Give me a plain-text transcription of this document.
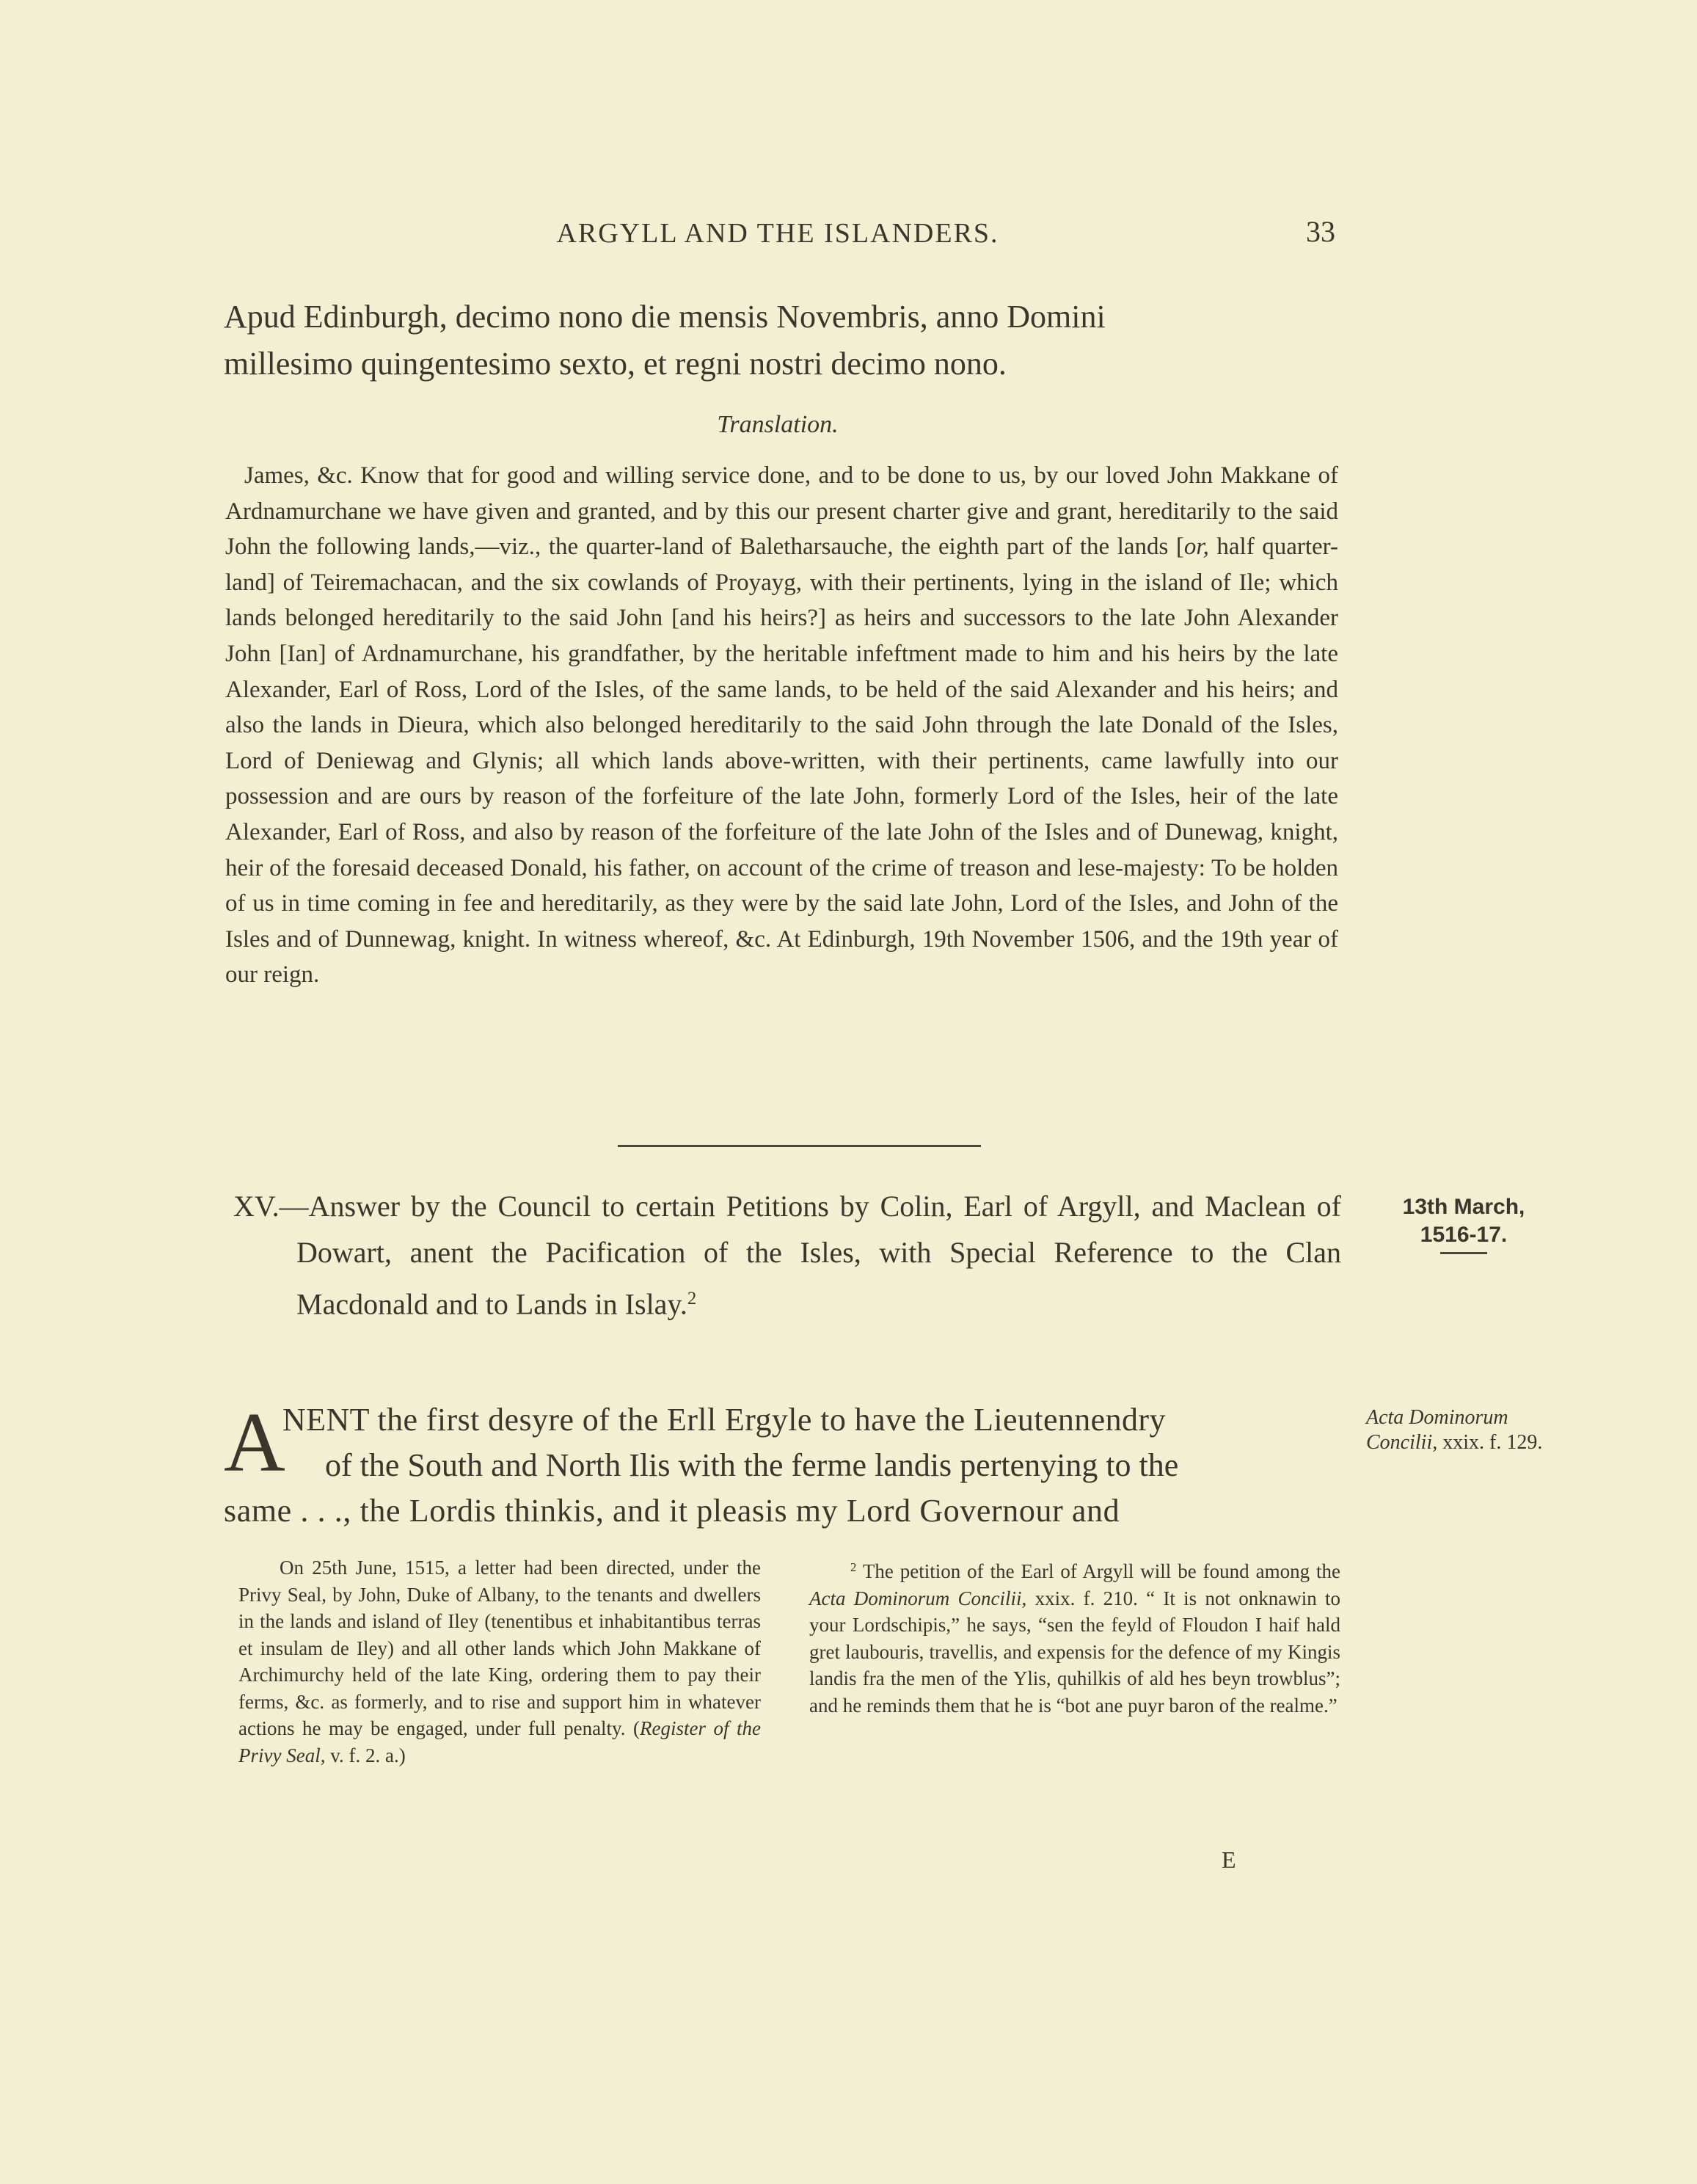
ARGYLL AND THE ISLANDERS.	33
Apud Edinburgh, decimo nono die mensis Novembris, anno Domini
millesimo quingentesimo sexto, et regni nostri decimo nono.
Translation.

James, &c. Know that for good and willing service done, and to be done to us, by our loved John Makkane of Ardnamurchane we have given and granted, and by this our present charter give and grant, hereditarily to the said John the following lands,—viz., the quarter-land of Baletharsauche, the eighth part of the lands [or, half quarter-land] of Teiremachacan, and the six cowlands of Proyayg, with their pertinents, lying in the island of Ile; which lands belonged hereditarily to the said John [and his heirs?] as heirs and successors to the late John Alexander John [Ian] of Ardnamurchane, his grandfather, by the heritable infeftment made to him and his heirs by the late Alexander, Earl of Ross, Lord of the Isles, of the same lands, to be held of the said Alexander and his heirs; and also the lands in Dieura, which also belonged hereditarily to the said John through the late Donald of the Isles, Lord of Deniewag and Glynis; all which lands above-written, with their pertinents, came lawfully into our possession and are ours by reason of the forfeiture of the late John, formerly Lord of the Isles, heir of the late Alexander, Earl of Ross, and also by reason of the forfeiture of the late John of the Isles and of Dunewag, knight, heir of the foresaid deceased Donald, his father, on account of the crime of treason and lese-majesty: To be holden of us in time coming in fee and hereditarily, as they were by the said late John, Lord of the Isles, and John of the Isles and of Dunnewag, knight. In witness whereof, &c. At Edinburgh, 19th November 1506, and the 19th year of our reign.

XV.—Answer by the Council to certain Petitions by Colin, Earl of Argyll, and Maclean of Dowart, anent the Pacification of the Isles, with Special Reference to the Clan Macdonald and to Lands in Islay.$^2$
13th March,
1516-17.
Acta Dominorum
Concilii, xxix. f. 129.
A
NENT the first desyre of the Erll Ergyle to have the Lieutennendry
of the South and North Ilis with the ferme landis pertenying to the
same . . ., the Lordis thinkis, and it pleasis my Lord Governour and

On 25th June, 1515, a letter had been directed, under the Privy Seal, by John, Duke of Albany, to the tenants and dwellers in the lands and island of Iley (tenentibus et inhabitantibus terras et insulam de Iley) and all other lands which John Makkane of Archimurchy held of the late King, ordering them to pay their ferms, &c. as formerly, and to rise and support him in whatever actions he may be engaged, under full penalty. (Register of the Privy Seal, v. f. 2. a.)

$^2$ The petition of the Earl of Argyll will be found among the Acta Dominorum Concilii, xxix. f. 210. “ It is not onknawin to your Lordschipis,” he says, “sen the feyld of Floudon I haif hald gret laubouris, travellis, and expensis for the defence of my Kingis landis fra the men of the Ylis, quhilkis of ald hes beyn trowblus”; and he reminds them that he is “bot ane puyr baron of the realme.”

E
